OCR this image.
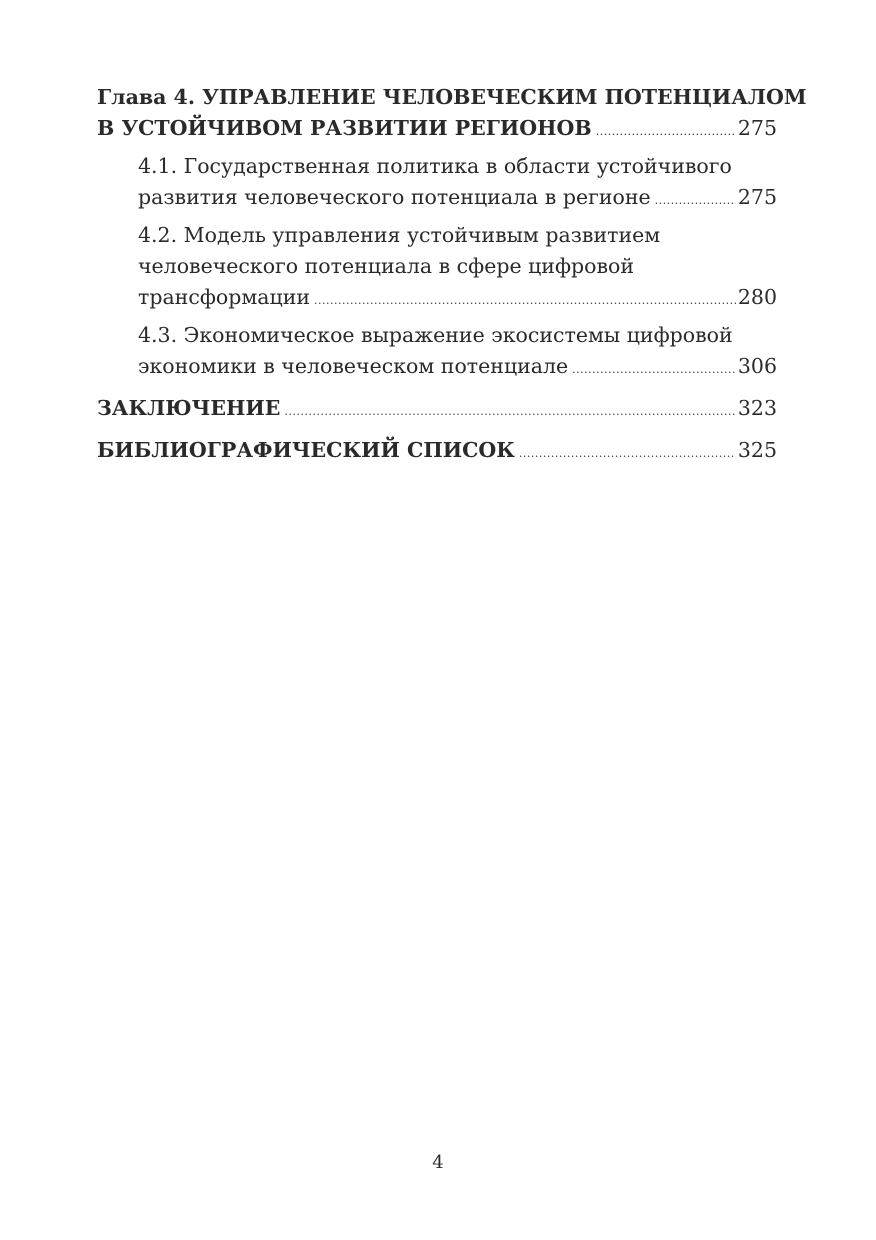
Глава 4. УПРАВЛЕНИЕ ЧЕЛОВЕЧЕСКИМ ПОТЕНЦИАЛОМ
В УСТОЙЧИВОМ РАЗВИТИИ РЕГИОНОВ .....	275
4.1. Государственная политика в области устойчивого
развития человеческого потенциала в регионе .....	275
4.2. Модель управления устойчивым развитием
человеческого потенциала в сфере цифровой
трансформации .....	280
4.3. Экономическое выражение экосистемы цифровой
экономики в человеческом потенциале .....	306
ЗАКЛЮЧЕНИЕ .....	323
БИБЛИОГРАФИЧЕСКИЙ СПИСОК .....	325
4
